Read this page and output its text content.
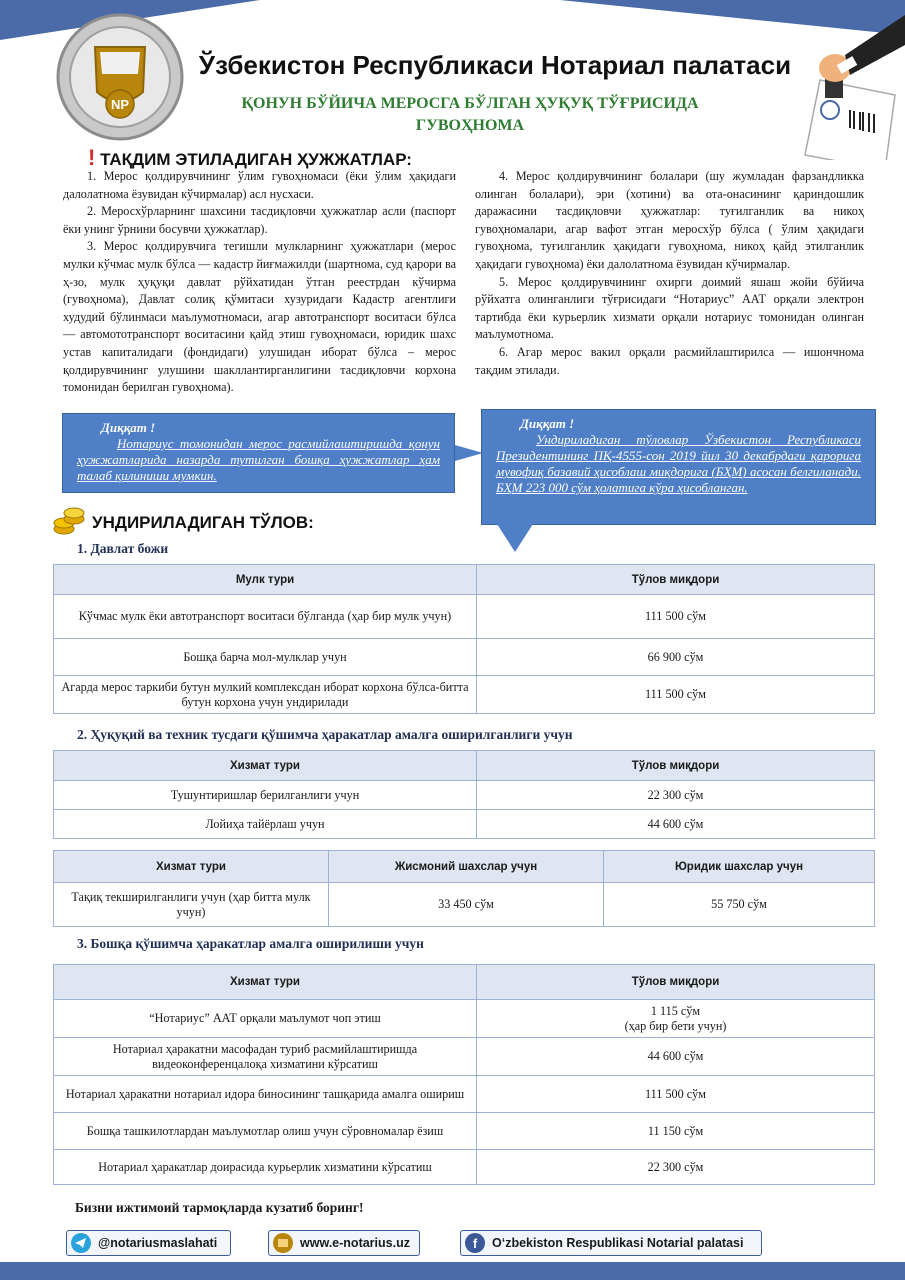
NP
Ўзбекистон Республикаси Нотариал палатаси
ҚОНУН БЎЙИЧА МЕРОСГА БЎЛГАН ҲУҚУҚ ТЎҒРИСИДА
ГУВОҲНОМА
! ТАҚДИМ ЭТИЛАДИГАН ҲУЖЖАТЛАР:

1. Мерос қолдирувчининг ўлим гувоҳномаси (ёки ўлим ҳақидаги далолатнома ёзувидан кўчирмалар) асл нусхаси.

2. Меросхўрларнинг шахсини тасдиқловчи ҳужжатлар асли (паспорт ёки унинг ўрнини босувчи ҳужжатлар).

3. Мерос қолдирувчига тегишли мулкларнинг ҳужжатлари (мерос мулки кўчмас мулк бўлса — кадастр йиғмажилди (шартнома, суд қарори ва ҳ-зо, мулк ҳуқуқи давлат рўйхатидан ўтган реестрдан кўчирма (гувоҳнома), Давлат солиқ қўмитаси хузуридаги Кадастр агентлиги худудий бўлинмаси маълумотномаси, агар автотранспорт воситаси бўлса — автомототранспорт воситасини қайд этиш гувоҳномаси, юридик шахс устав капиталидаги (фондидаги) улушидан иборат бўлса – мерос қолдирувчининг улушини шакллантирганлигини тасдиқловчи корхона томонидан берилган гувоҳнома).

4. Мерос қолдирувчининг болалари (шу жумладан фарзандликка олинган болалари), эри (хотини) ва ота-онасининг қариндошлик даражасини тасдиқловчи ҳужжатлар: туғилганлик ва никоҳ гувоҳномалари, агар вафот этган меросхўр бўлса ( ўлим ҳақидаги гувоҳнома, туғилганлик ҳақидаги гувоҳнома, никоҳ қайд этилганлик ҳақидаги гувоҳнома) ёки далолатнома ёзувидан кўчирмалар.

5. Мерос қолдирувчининг охирги доимий яшаш жойи бўйича рўйхатга олинганлиги тўғрисидаги “Нотариус” ААТ орқали электрон тартибда ёки курьерлик хизмати орқали нотариус томонидан олинган маълумотнома.

6. Агар мерос вакил орқали расмийлаштирилса — ишончнома тақдим этилади.

Диққат !
Нотариус томонидан мерос расмийлаштиришда қонун ҳужжатларида назарда тутилган бошқа ҳужжатлар ҳам талаб қилиниши мумкин.
Диққат !
Ундириладиган тўловлар Ўзбекистон Республикаси Президентининг ПҚ-4555-сон 2019 йил 30 декабрдаги қарорига мувофиқ базавий ҳисоблаш миқдорига (БҲМ) асосан белгиланади. БҲМ 223 000 сўм ҳолатига кўра ҳисобланган.
УНДИРИЛАДИГАН ТЎЛОВ:
1. Давлат божи
Мулк тури	Тўлов миқдори
Кўчмас мулк ёки автотранспорт воситаси бўлганда (ҳар бир мулк учун)	111 500 сўм
Бошқа барча мол-мулклар учун	66 900 сўм
Агарда мерос таркиби бутун мулкий комплексдан иборат корхона бўлса-битта бутун корхона учун ундирилади	111 500 сўм
2. Ҳуқуқий ва техник тусдаги қўшимча ҳаракатлар амалга оширилганлиги учун
Хизмат тури	Тўлов миқдори
Тушунтиришлар берилганлиги учун	22 300 сўм
Лойиҳа тайёрлаш учун	44 600 сўм
Хизмат тури	Жисмоний шахслар учун	Юридик шахслар учун
Тақиқ текширилганлиги учун (ҳар битта мулк учун)	33 450 сўм	55 750 сўм
3. Бошқа қўшимча ҳаракатлар амалга оширилиши учун
Хизмат тури	Тўлов миқдори
“Нотариус” ААТ орқали маълумот чоп этиш	1 115 сўм
(ҳар бир бети учун)

Нотариал ҳаракатни масофадан туриб расмийлаштиришда видеоконференцалоқа хизматини кўрсатиш	44 600 сўм
Нотариал ҳаракатни нотариал идора биносининг ташқарида амалга ошириш	111 500 сўм
Бошқа ташкилотлардан маълумотлар олиш учун сўровномалар ёзиш	11 150 сўм
Нотариал ҳаракатлар доирасида курьерлик хизматини кўрсатиш	22 300 сўм
Бизни ижтимоий тармоқларда кузатиб боринг!
@notariusmaslahati	www.e-notarius.uz	f O‘zbekiston Respublikasi Notarial palatasi
